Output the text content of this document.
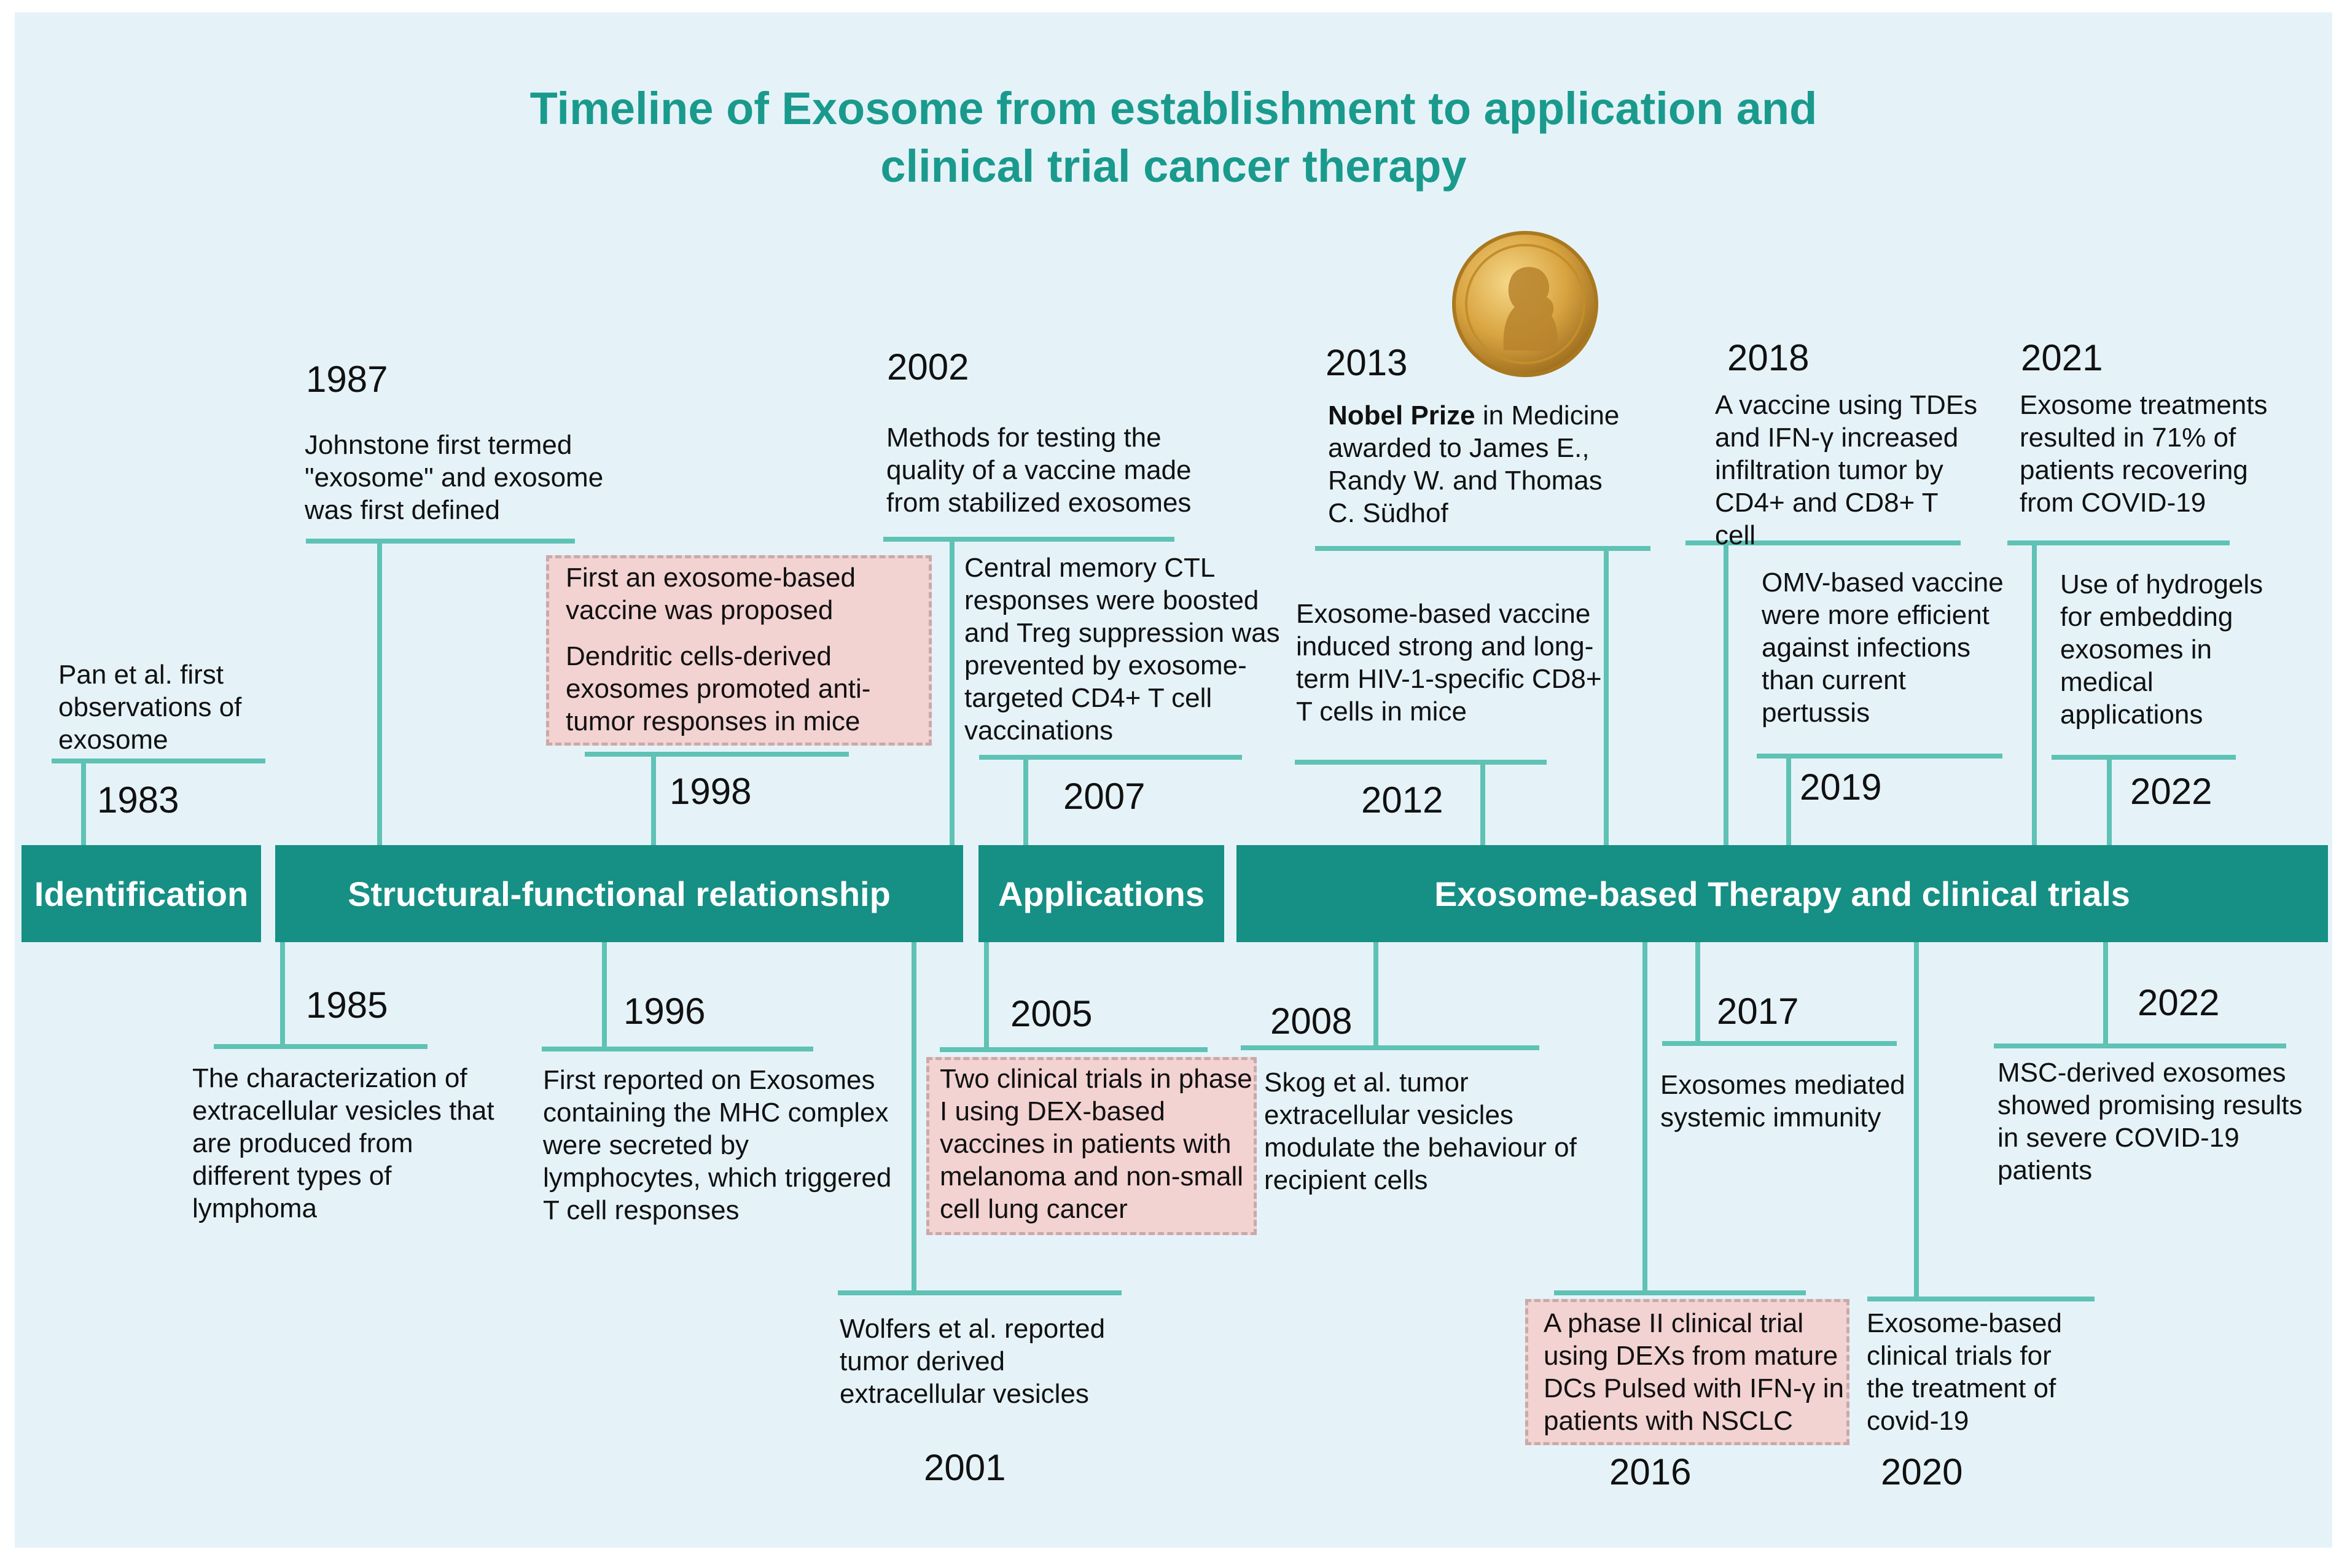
Timeline of Exosome from establishment to application and
clinical trial cancer therapy
Identification	Structural-functional relationship	Applications	Exosome-based Therapy and clinical trials
1983
1985
1987
1996
1998
2001
2002
2005
2007
2008
2012
2013
2016
2017
2018
2019
2020
2021
2022
2022
Pan et al. first observations of exosome
The characterization of extracellular vesicles that are produced from different types of lymphoma
Johnstone first termed "exosome" and exosome was first defined
First reported on Exosomes containing the MHC complex were secreted by lymphocytes, which triggered T cell responses

First an exosome-based vaccine was proposed

Dendritic cells-derived exosomes promoted anti-tumor responses in mice

Wolfers et al. reported tumor derived extracellular vesicles
Methods for testing the quality of a vaccine made from stabilized exosomes
Two clinical trials in phase I using DEX-based vaccines in patients with melanoma and non-small cell lung cancer
Central memory CTL responses were boosted and Treg suppression was prevented by exosome-targeted CD4+ T cell vaccinations
Skog et al. tumor extracellular vesicles modulate the behaviour of recipient cells
Exosome-based vaccine induced strong and long-term HIV-1-specific CD8+ T cells in mice
Nobel Prize in Medicine awarded to James E., Randy W. and Thomas C. Südhof
A phase II clinical trial using DEXs from mature DCs Pulsed with IFN-γ in patients with NSCLC
Exosomes mediated systemic immunity
A vaccine using TDEs and IFN-γ increased infiltration tumor by CD4+ and CD8+ T cell
OMV-based vaccine were more efficient against infections than current pertussis
Exosome-based clinical trials for the treatment of covid-19
Exosome treatments resulted in 71% of patients recovering from COVID-19
Use of hydrogels for embedding exosomes in medical applications
MSC-derived exosomes showed promising results in severe COVID-19 patients
